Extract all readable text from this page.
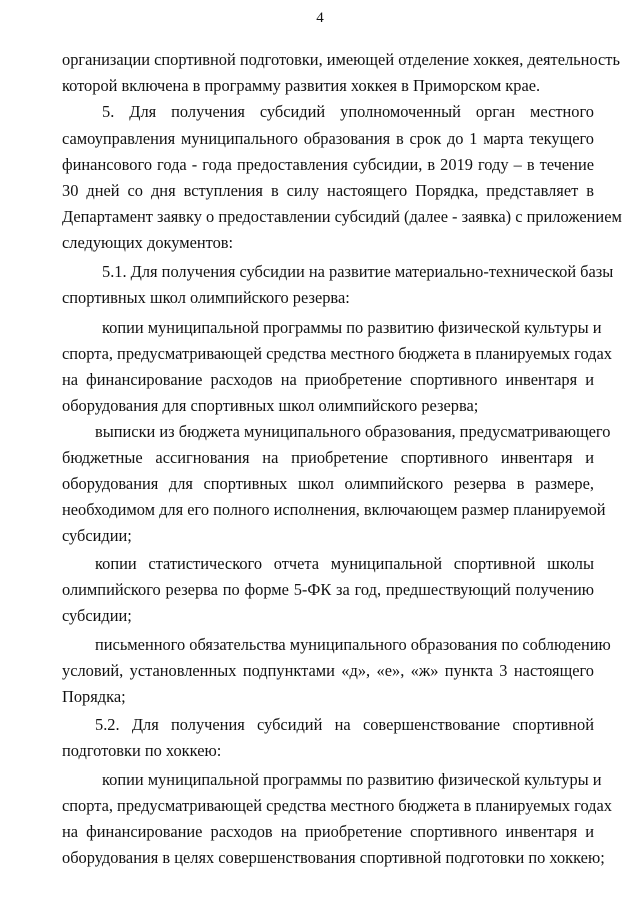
4
организации спортивной подготовки, имеющей отделение хоккея, деятельность
которой включена в программу развития хоккея в Приморском крае.
5. Для получения субсидий уполномоченный орган местного
самоуправления муниципального образования в срок до 1 марта текущего
финансового года - года предоставления субсидии, в 2019 году – в течение
30 дней со дня вступления в силу настоящего Порядка, представляет в
Департамент заявку о предоставлении субсидий (далее - заявка) с приложением
следующих документов:
5.1. Для получения субсидии на развитие материально-технической базы
спортивных школ олимпийского резерва:
копии муниципальной программы по развитию физической культуры и
спорта, предусматривающей средства местного бюджета в планируемых годах
на финансирование расходов на приобретение спортивного инвентаря и
оборудования для спортивных школ олимпийского резерва;
выписки из бюджета муниципального образования, предусматривающего
бюджетные ассигнования на приобретение спортивного инвентаря и
оборудования для спортивных школ олимпийского резерва в размере,
необходимом для его полного исполнения, включающем размер планируемой
субсидии;
копии статистического отчета муниципальной спортивной школы
олимпийского резерва по форме 5-ФК за год, предшествующий получению
субсидии;
письменного обязательства муниципального образования по соблюдению
условий, установленных подпунктами «д», «е», «ж» пункта 3 настоящего
Порядка;
5.2. Для получения субсидий на совершенствование спортивной
подготовки по хоккею:
копии муниципальной программы по развитию физической культуры и
спорта, предусматривающей средства местного бюджета в планируемых годах
на финансирование расходов на приобретение спортивного инвентаря и
оборудования в целях совершенствования спортивной подготовки по хоккею;
